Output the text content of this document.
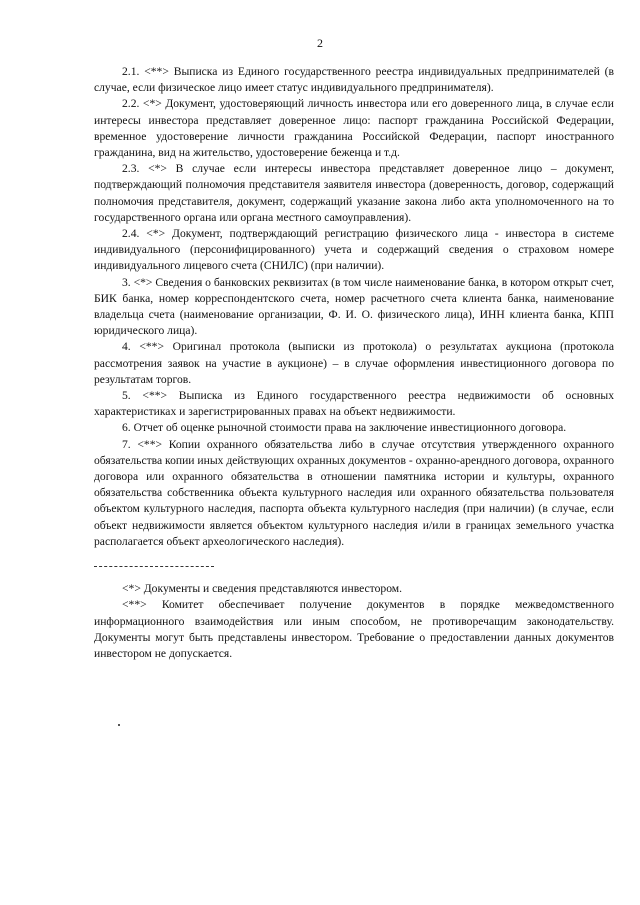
2

2.1. <**> Выписка из Единого государственного реестра индивидуальных предпринимателей (в случае, если физическое лицо имеет статус индивидуального предпринимателя).

2.2. <*> Документ, удостоверяющий личность инвестора или его доверенного лица, в случае если интересы инвестора представляет доверенное лицо: паспорт гражданина Российской Федерации, временное удостоверение личности гражданина Российской Федерации, паспорт иностранного гражданина, вид на жительство, удостоверение беженца и т.д.

2.3. <*> В случае если интересы инвестора представляет доверенное лицо – документ, подтверждающий полномочия представителя заявителя инвестора (доверенность, договор, содержащий полномочия представителя, документ, содержащий указание закона либо акта уполномоченного на то государственного органа или органа местного самоуправления).

2.4. <*> Документ, подтверждающий регистрацию физического лица - инвестора в системе индивидуального (персонифицированного) учета и содержащий сведения о страховом номере индивидуального лицевого счета (СНИЛС) (при наличии).

3. <*> Сведения о банковских реквизитах (в том числе наименование банка, в котором открыт счет, БИК банка, номер корреспондентского счета, номер расчетного счета клиента банка, наименование владельца счета (наименование организации, Ф. И. О. физического лица), ИНН клиента банка, КПП юридического лица).

4. <**> Оригинал протокола (выписки из протокола) о результатах аукциона (протокола рассмотрения заявок на участие в аукционе) – в случае оформления инвестиционного договора по результатам торгов.

5. <**> Выписка из Единого государственного реестра недвижимости об основных характеристиках и зарегистрированных правах на объект недвижимости.

6. Отчет об оценке рыночной стоимости права на заключение инвестиционного договора.

7. <**> Копии охранного обязательства либо в случае отсутствия утвержденного охранного обязательства копии иных действующих охранных документов - охранно-арендного договора, охранного договора или охранного обязательства в отношении памятника истории и культуры, охранного обязательства собственника объекта культурного наследия или охранного обязательства пользователя объектом культурного наследия, паспорта объекта культурного наследия (при наличии) (в случае, если объект недвижимости является объектом культурного наследия и/или в границах земельного участка располагается объект археологического наследия).

<*> Документы и сведения представляются инвестором.

<**> Комитет обеспечивает получение документов в порядке межведомственного информационного взаимодействия или иным способом, не противоречащим законодательству. Документы могут быть представлены инвестором. Требование о предоставлении данных документов инвестором не допускается.
